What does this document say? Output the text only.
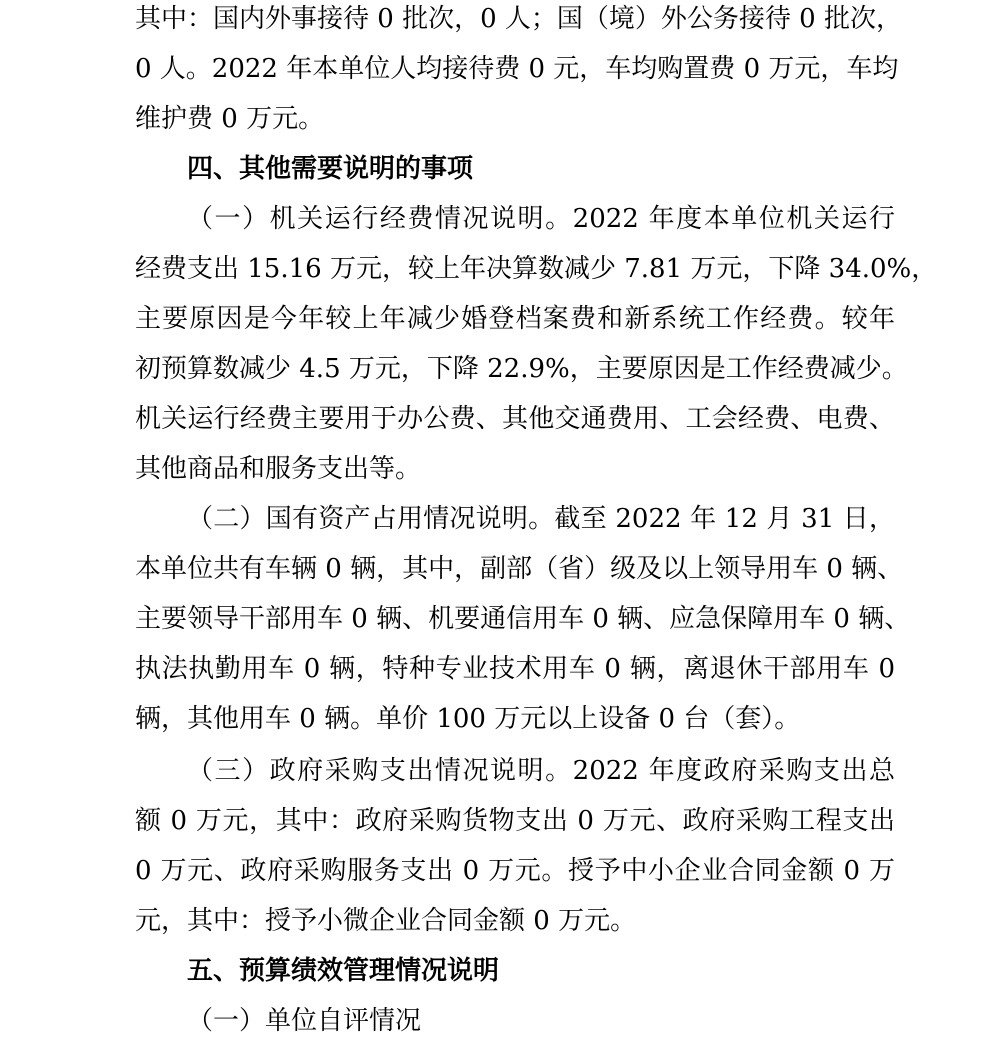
其中：国内外事接待 0 批次，0 人；国（境）外公务接待 0 批次，
0 人。2022 年本单位人均接待费 0 元，车均购置费 0 万元，车均
维护费 0 万元。
四、其他需要说明的事项
（一）机关运行经费情况说明。2022 年度本单位机关运行
经费支出 15.16 万元，较上年决算数减少 7.81 万元，下降 34.0%，
主要原因是今年较上年减少婚登档案费和新系统工作经费。较年
初预算数减少 4.5 万元，下降 22.9%，主要原因是工作经费减少。
机关运行经费主要用于办公费、其他交通费用、工会经费、电费、
其他商品和服务支出等。
（二）国有资产占用情况说明。截至 2022 年 12 月 31 日，
本单位共有车辆 0 辆，其中，副部（省）级及以上领导用车 0 辆、
主要领导干部用车 0 辆、机要通信用车 0 辆、应急保障用车 0 辆、
执法执勤用车 0 辆，特种专业技术用车 0 辆，离退休干部用车 0
辆，其他用车 0 辆。单价 100 万元以上设备 0 台（套）。
（三）政府采购支出情况说明。2022 年度政府采购支出总
额 0 万元，其中：政府采购货物支出 0 万元、政府采购工程支出
0 万元、政府采购服务支出 0 万元。授予中小企业合同金额 0 万
元，其中：授予小微企业合同金额 0 万元。
五、预算绩效管理情况说明
（一）单位自评情况
